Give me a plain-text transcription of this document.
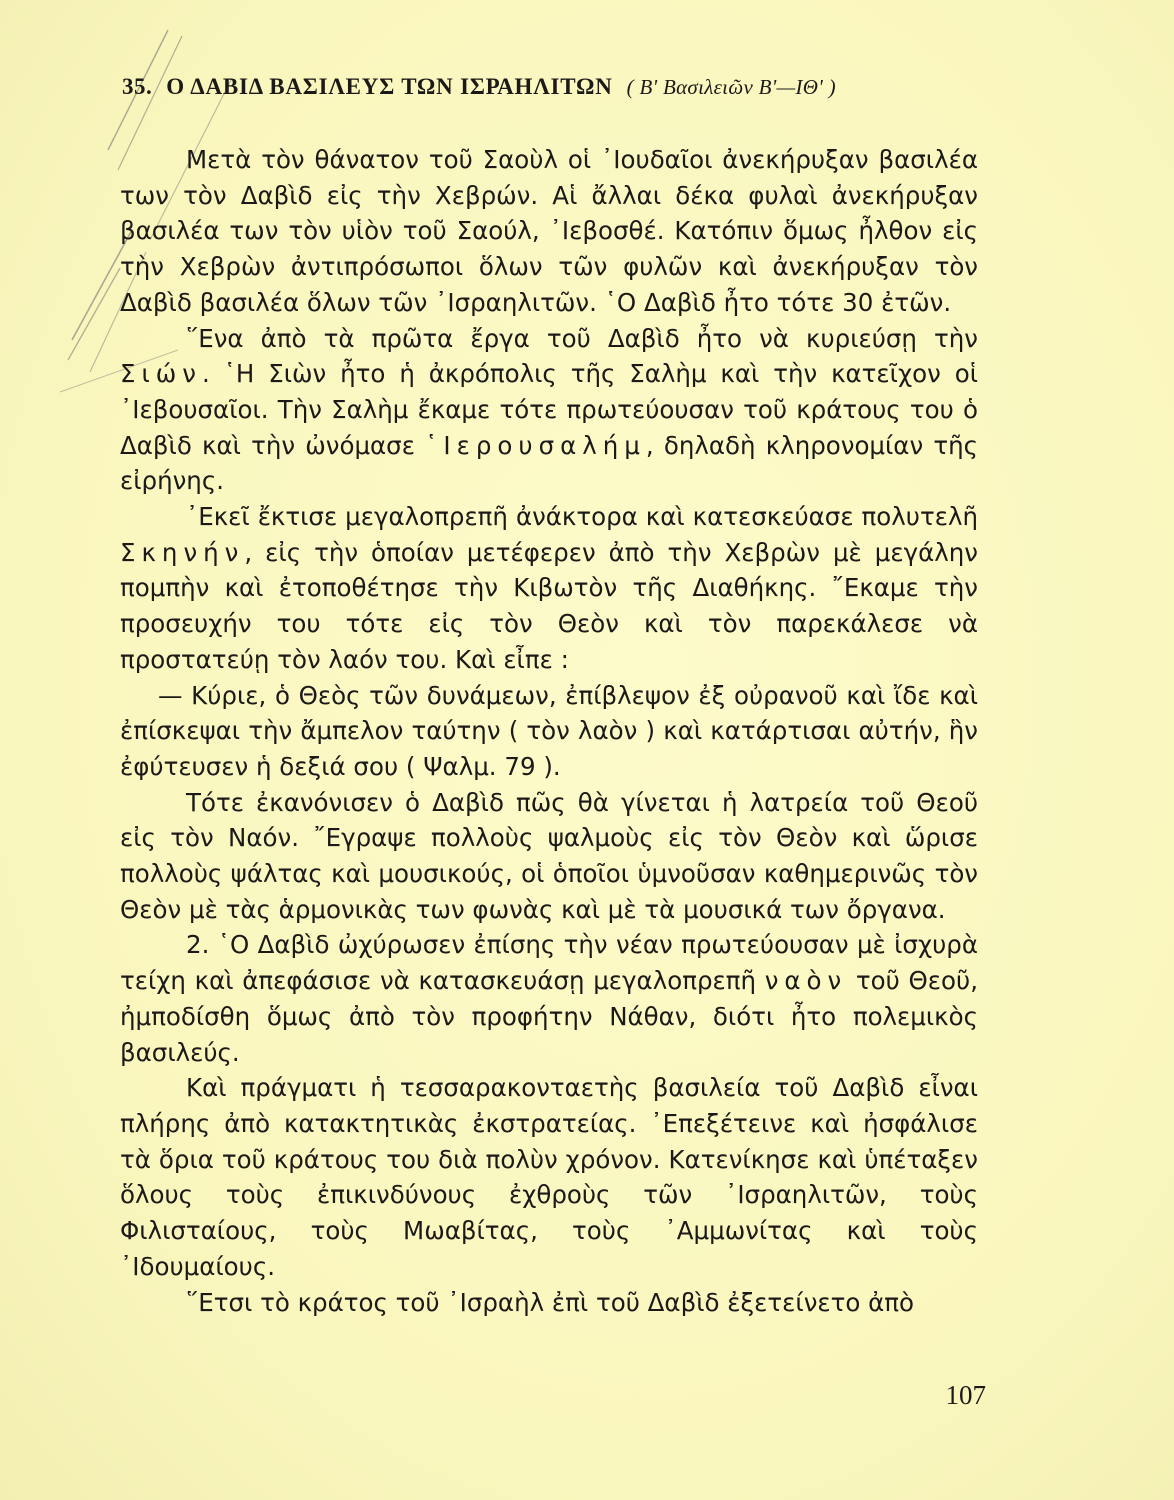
35. Ο ΔΑΒΙΔ ΒΑΣΙΛΕΥΣ ΤΩΝ ΙΣΡΑΗΛΙΤΩΝ ( Β' Βασιλειῶν Β'—ΙΘ' )

Μετὰ τὸν θάνατον τοῦ Σαοὺλ οἱ ᾿Ιουδαῖοι ἀνεκήρυξαν βασιλέα των τὸν Δαβὶδ εἰς τὴν Χεβρών. Αἱ ἄλλαι δέκα φυλαὶ ἀνεκήρυξαν βασιλέα των τὸν υἱὸν τοῦ Σαούλ, ᾿Ιεβοσθέ. Κατόπιν ὅμως ἦλθον εἰς τὴν Χεβρὼν ἀντιπρόσωποι ὅλων τῶν φυλῶν καὶ ἀνεκήρυξαν τὸν Δαβὶδ βασιλέα ὅλων τῶν ᾿Ισραηλιτῶν. ῾Ο Δαβὶδ ἦτο τότε 30 ἐτῶν.

῞Ενα ἀπὸ τὰ πρῶτα ἔργα τοῦ Δαβὶδ ἦτο νὰ κυριεύσῃ τὴν Σιών. ῾Η Σιὼν ἦτο ἡ ἀκρόπολις τῆς Σαλὴμ καὶ τὴν κατεῖχον οἱ ᾿Ιεβουσαῖοι. Τὴν Σαλὴμ ἔκαμε τότε πρωτεύουσαν τοῦ κράτους του ὁ Δαβὶδ καὶ τὴν ὠνόμασε ῾Ιερουσαλήμ, δηλαδὴ κληρονομίαν τῆς εἰρήνης.

᾿Εκεῖ ἔκτισε μεγαλοπρεπῆ ἀνάκτορα καὶ κατεσκεύασε πολυτελῆ Σκηνήν, εἰς τὴν ὁποίαν μετέφερεν ἀπὸ τὴν Χεβρὼν μὲ μεγάλην πομπὴν καὶ ἐτοποθέτησε τὴν Κιβωτὸν τῆς Διαθήκης. ῎Εκαμε τὴν προσευχήν του τότε εἰς τὸν Θεὸν καὶ τὸν παρεκάλεσε νὰ προστατεύῃ τὸν λαόν του. Καὶ εἶπε :

— Κύριε, ὁ Θεὸς τῶν δυνάμεων, ἐπίβλεψον ἐξ οὐρανοῦ καὶ ἴδε καὶ ἐπίσκεψαι τὴν ἄμπελον ταύτην ( τὸν λαὸν ) καὶ κατάρτισαι αὐτήν, ἣν ἐφύτευσεν ἡ δεξιά σου ( Ψαλμ. 79 ).

Τότε ἐκανόνισεν ὁ Δαβὶδ πῶς θὰ γίνεται ἡ λατρεία τοῦ Θεοῦ εἰς τὸν Ναόν. ῎Εγραψε πολλοὺς ψαλμοὺς εἰς τὸν Θεὸν καὶ ὥρισε πολλοὺς ψάλτας καὶ μουσικούς, οἱ ὁποῖοι ὑμνοῦσαν καθημερινῶς τὸν Θεὸν μὲ τὰς ἁρμονικὰς των φωνὰς καὶ μὲ τὰ μουσικά των ὄργανα.

2. ῾Ο Δαβὶδ ὠχύρωσεν ἐπίσης τὴν νέαν πρωτεύουσαν μὲ ἰσχυρὰ τείχη καὶ ἀπεφάσισε νὰ κατασκευάσῃ μεγαλοπρεπῆ ναὸν τοῦ Θεοῦ, ἠμποδίσθη ὅμως ἀπὸ τὸν προφήτην Νάθαν, διότι ἦτο πολεμικὸς βασιλεύς.

Καὶ πράγματι ἡ τεσσαρακονταετὴς βασιλεία τοῦ Δαβὶδ εἶναι πλήρης ἀπὸ κατακτητικὰς ἐκστρατείας. ᾿Επεξέτεινε καὶ ἠσφάλισε τὰ ὅρια τοῦ κράτους του διὰ πολὺν χρόνον. Κατενίκησε καὶ ὑπέταξεν ὅλους τοὺς ἐπικινδύνους ἐχθροὺς τῶν ᾿Ισραηλιτῶν, τοὺς Φιλισταίους, τοὺς Μωαβίτας, τοὺς ᾿Αμμωνίτας καὶ τοὺς ᾿Ιδουμαίους.

῞Ετσι τὸ κράτος τοῦ ᾿Ισραὴλ ἐπὶ τοῦ Δαβὶδ ἐξετείνετο ἀπὸ

107
